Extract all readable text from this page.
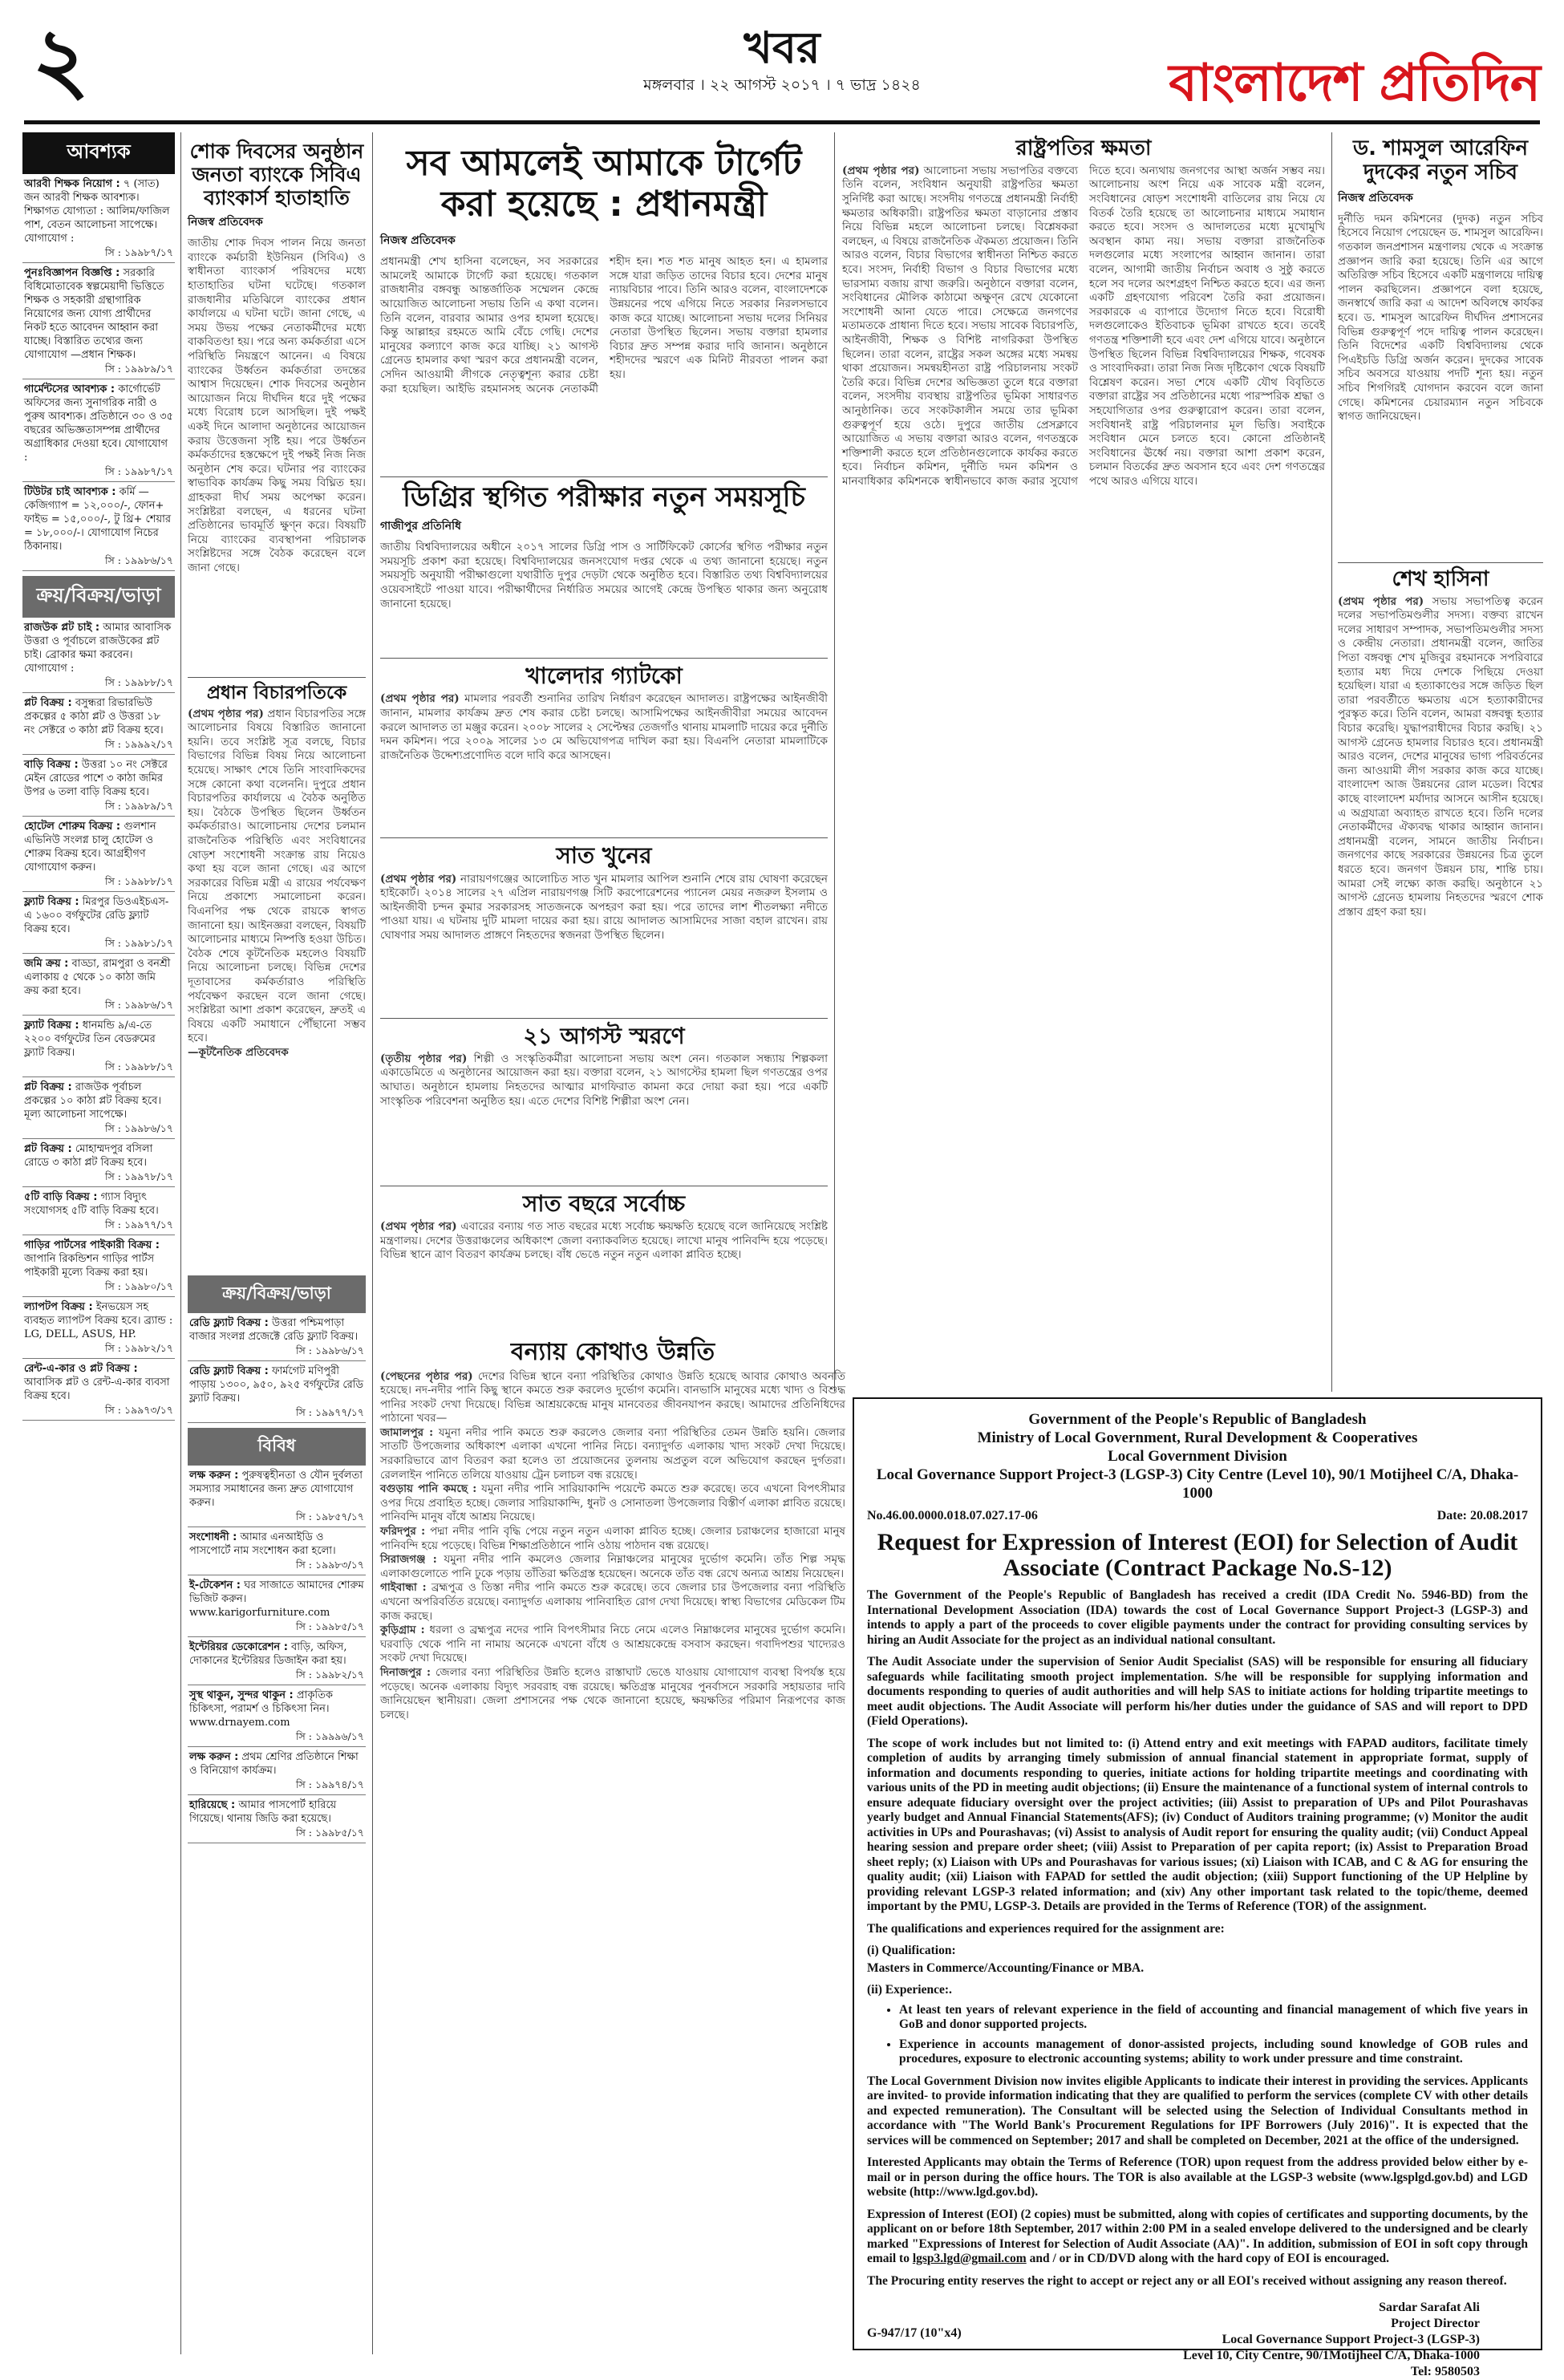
২	খবর
মঙ্গলবার । ২২ আগস্ট ২০১৭ । ৭ ভাদ্র ১৪২৪	বাংলাদেশ প্রতিদিন
আবশ্যক
আরবী শিক্ষক নিয়োগ : ৭ (সাত) জন আরবী শিক্ষক আবশ্যক। শিক্ষাগত যোগ্যতা : আলিম/ফাজিল পাশ, বেতন আলোচনা সাপেক্ষে। যোগাযোগ :
সি : ১৯৯৮৭/১৭
পুনঃবিজ্ঞাপন বিজ্ঞপ্তি : সরকারি বিধিমোতাবেক স্বল্পমেয়াদী ভিত্তিতে শিক্ষক ও সহকারী গ্রন্থাগারিক নিয়োগের জন্য যোগ্য প্রার্থীদের নিকট হতে আবেদন আহ্বান করা যাচ্ছে। বিস্তারিত তথ্যের জন্য যোগাযোগ —প্রধান শিক্ষক।
সি : ১৯৯৮৯/১৭
গার্মেন্টসের আবশ্যক : কার্গোর্ভেট অফিসের জন্য সুনাগরিক নারী ও পুরুষ আবশ্যক। প্রতিষ্ঠানে ৩০ ও ৩৫ বছরের অভিজ্ঞতাসম্পন্ন প্রার্থীদের অগ্রাধিকার দেওয়া হবে। যোগাযোগ :
সি : ১৯৯৮৭/১৭
টিউটর চাই আবশ্যক : কর্মি — কেজিগ্যাপ = ১২,০০০/-, ফোন+ ফাইভ = ১৫,০০০/-, টু থ্রি+ শেয়ার = ১৮,০০০/-। যোগাযোগ নিচের ঠিকানায়।
সি : ১৯৯৮৬/১৭
ক্রয়/বিক্রয়/ভাড়া
রাজউক প্লট চাই : আমার আবাসিক উত্তরা ও পূর্বাচলে রাজউকের প্লট চাই। ব্রোকার ক্ষমা করবেন। যোগাযোগ :
সি : ১৯৯৮৮/১৭
প্লট বিক্রয় : বসুন্ধরা রিভারভিউ প্রকল্পের ৫ কাঠা প্লট ও উত্তরা ১৮ নং সেক্টরে ৩ কাঠা প্লট বিক্রয় হবে।
সি : ১৯৯৯২/১৭
বাড়ি বিক্রয় : উত্তরা ১০ নং সেক্টরে মেইন রোডের পাশে ৩ কাঠা জমির উপর ৬ তলা বাড়ি বিক্রয় হবে।
সি : ১৯৯৮৯/১৭
হোটেল শোরুম বিক্রয় : গুলশান এভিনিউ সংলগ্ন চালু হোটেল ও শোরুম বিক্রয় হবে। আগ্রহীগণ যোগাযোগ করুন।
সি : ১৯৯৮৮/১৭
ফ্ল্যাট বিক্রয় : মিরপুর ডিওএইচএস-এ ১৬০০ বর্গফুটের রেডি ফ্ল্যাট বিক্রয় হবে।
সি : ১৯৯৮১/১৭
জমি ক্রয় : বাড্ডা, রামপুরা ও বনশ্রী এলাকায় ৫ থেকে ১০ কাঠা জমি ক্রয় করা হবে।
সি : ১৯৯৮৬/১৭
ফ্ল্যাট বিক্রয় : ধানমন্ডি ৯/এ-তে ২২০০ বর্গফুটের তিন বেডরুমের ফ্ল্যাট বিক্রয়।
সি : ১৯৯৮৮/১৭
প্লট বিক্রয় : রাজউক পূর্বাচল প্রকল্পের ১০ কাঠা প্লট বিক্রয় হবে। মূল্য আলোচনা সাপেক্ষে।
সি : ১৯৯৮৬/১৭
প্লট বিক্রয় : মোহাম্মদপুর বসিলা রোডে ৩ কাঠা প্লট বিক্রয় হবে।
সি : ১৯৯৭৮/১৭
৫টি বাড়ি বিক্রয় : গ্যাস বিদ্যুৎ সংযোগসহ ৫টি বাড়ি বিক্রয় হবে।
সি : ১৯৯৭৭/১৭
গাড়ির পার্টসের পাইকারী বিক্রয় : জাপানি রিকন্ডিশন গাড়ির পার্টস পাইকারী মূল্যে বিক্রয় করা হয়।
সি : ১৯৯৮০/১৭
ল্যাপটপ বিক্রয় : ইনভয়েস সহ ব্যবহৃত ল্যাপটপ বিক্রয় হবে। ব্র্যান্ড : LG, DELL, ASUS, HP.
সি : ১৯৯৮২/১৭
রেন্ট-এ-কার ও প্লট বিক্রয় : আবাসিক প্লট ও রেন্ট-এ-কার ব্যবসা বিক্রয় হবে।
সি : ১৯৯৭৩/১৭
শোক দিবসের অনুষ্ঠান জনতা ব্যাংকে সিবিএ ব্যাংকার্স হাতাহাতি
নিজস্ব প্রতিবেদক
জাতীয় শোক দিবস পালন নিয়ে জনতা ব্যাংকে কর্মচারী ইউনিয়ন (সিবিএ) ও স্বাধীনতা ব্যাংকার্স পরিষদের মধ্যে হাতাহাতির ঘটনা ঘটেছে। গতকাল রাজধানীর মতিঝিলে ব্যাংকের প্রধান কার্যালয়ে এ ঘটনা ঘটে। জানা গেছে, এ সময় উভয় পক্ষের নেতাকর্মীদের মধ্যে বাকবিতণ্ডা হয়। পরে অন্য কর্মকর্তারা এসে পরিস্থিতি নিয়ন্ত্রণে আনেন। এ বিষয়ে ব্যাংকের উর্ধ্বতন কর্মকর্তারা তদন্তের আশ্বাস দিয়েছেন। শোক দিবসের অনুষ্ঠান আয়োজন নিয়ে দীর্ঘদিন ধরে দুই পক্ষের মধ্যে বিরোধ চলে আসছিল। দুই পক্ষই একই দিনে আলাদা অনুষ্ঠানের আয়োজন করায় উত্তেজনা সৃষ্টি হয়। পরে উর্ধ্বতন কর্মকর্তাদের হস্তক্ষেপে দুই পক্ষই নিজ নিজ অনুষ্ঠান শেষ করে। ঘটনার পর ব্যাংকের স্বাভাবিক কার্যক্রম কিছু সময় বিঘ্নিত হয়। গ্রাহকরা দীর্ঘ সময় অপেক্ষা করেন। সংশ্লিষ্টরা বলছেন, এ ধরনের ঘটনা প্রতিষ্ঠানের ভাবমূর্তি ক্ষুণ্ন করে। বিষয়টি নিয়ে ব্যাংকের ব্যবস্থাপনা পরিচালক সংশ্লিষ্টদের সঙ্গে বৈঠক করেছেন বলে জানা গেছে।
প্রধান বিচারপতিকে
(প্রথম পৃষ্ঠার পর) প্রধান বিচারপতির সঙ্গে আলোচনার বিষয়ে বিস্তারিত জানানো হয়নি। তবে সংশ্লিষ্ট সূত্র বলছে, বিচার বিভাগের বিভিন্ন বিষয় নিয়ে আলোচনা হয়েছে। সাক্ষাৎ শেষে তিনি সাংবাদিকদের সঙ্গে কোনো কথা বলেননি। দুপুরে প্রধান বিচারপতির কার্যালয়ে এ বৈঠক অনুষ্ঠিত হয়। বৈঠকে উপস্থিত ছিলেন উর্ধ্বতন কর্মকর্তারাও। আলোচনায় দেশের চলমান রাজনৈতিক পরিস্থিতি এবং সংবিধানের ষোড়শ সংশোধনী সংক্রান্ত রায় নিয়েও কথা হয় বলে জানা গেছে। এর আগে সরকারের বিভিন্ন মন্ত্রী এ রায়ের পর্যবেক্ষণ নিয়ে প্রকাশ্যে সমালোচনা করেন। বিএনপির পক্ষ থেকে রায়কে স্বাগত জানানো হয়। আইনজ্ঞরা বলছেন, বিষয়টি আলোচনার মাধ্যমে নিষ্পত্তি হওয়া উচিত। বৈঠক শেষে কূটনৈতিক মহলেও বিষয়টি নিয়ে আলোচনা চলছে। বিভিন্ন দেশের দূতাবাসের কর্মকর্তারাও পরিস্থিতি পর্যবেক্ষণ করছেন বলে জানা গেছে। সংশ্লিষ্টরা আশা প্রকাশ করেছেন, দ্রুতই এ বিষয়ে একটি সমাধানে পৌঁছানো সম্ভব হবে।
—কূটনৈতিক প্রতিবেদক
ক্রয়/বিক্রয়/ভাড়া
রেডি ফ্ল্যাট বিক্রয় : উত্তরা পশ্চিমপাড়া বাজার সংলগ্ন প্রজেক্টে রেডি ফ্ল্যাট বিক্রয়।
সি : ১৯৯৮৬/১৭
রেডি ফ্ল্যাট বিক্রয় : ফার্মগেট মণিপুরী পাড়ায় ১৩০০, ৯৫০, ৯২৫ বর্গফুটের রেডি ফ্ল্যাট বিক্রয়।
সি : ১৯৯৭৭/১৭
বিবিধ
লক্ষ করুন : পুরুষত্বহীনতা ও যৌন দুর্বলতা সমস্যার সমাধানের জন্য দ্রুত যোগাযোগ করুন।
সি : ১৯৮৫৭/১৭
সংশোধনী : আমার এনআইডি ও পাসপোর্টে নাম সংশোধন করা হলো।
সি : ১৯৯৮৩/১৭
ই-টেকেশন : ঘর সাজাতে আমাদের শোরুম ভিজিট করুন। www.karigorfurniture.com
সি : ১৯৯৮৫/১৭
ইন্টেরিয়র ডেকোরেশন : বাড়ি, অফিস, দোকানের ইন্টেরিয়র ডিজাইন করা হয়।
সি : ১৯৯৮২/১৭
সুস্থ থাকুন, সুন্দর থাকুন : প্রাকৃতিক চিকিৎসা, পরামর্শ ও চিকিৎসা নিন। www.drnayem.com
সি : ১৯৯৯৬/১৭
লক্ষ করুন : প্রথম শ্রেণির প্রতিষ্ঠানে শিক্ষা ও বিনিয়োগ কার্যক্রম।
সি : ১৯৯৭৪/১৭
হারিয়েছে : আমার পাসপোর্ট হারিয়ে গিয়েছে। থানায় জিডি করা হয়েছে।
সি : ১৯৯৮৫/১৭
সব আমলেই আমাকে টার্গেট করা হয়েছে : প্রধানমন্ত্রী
নিজস্ব প্রতিবেদক
প্রধানমন্ত্রী শেখ হাসিনা বলেছেন, সব সরকারের আমলেই আমাকে টার্গেট করা হয়েছে। গতকাল রাজধানীর বঙ্গবন্ধু আন্তর্জাতিক সম্মেলন কেন্দ্রে আয়োজিত আলোচনা সভায় তিনি এ কথা বলেন। তিনি বলেন, বারবার আমার ওপর হামলা হয়েছে। কিন্তু আল্লাহর রহমতে আমি বেঁচে গেছি। দেশের মানুষের কল্যাণে কাজ করে যাচ্ছি। ২১ আগস্ট গ্রেনেড হামলার কথা স্মরণ করে প্রধানমন্ত্রী বলেন, সেদিন আওয়ামী লীগকে নেতৃত্বশূন্য করার চেষ্টা করা হয়েছিল। আইভি রহমানসহ অনেক নেতাকর্মী শহীদ হন। শত শত মানুষ আহত হন। এ হামলার সঙ্গে যারা জড়িত তাদের বিচার হবে। দেশের মানুষ ন্যায়বিচার পাবে। তিনি আরও বলেন, বাংলাদেশকে উন্নয়নের পথে এগিয়ে নিতে সরকার নিরলসভাবে কাজ করে যাচ্ছে। আলোচনা সভায় দলের সিনিয়র নেতারা উপস্থিত ছিলেন। সভায় বক্তারা হামলার বিচার দ্রুত সম্পন্ন করার দাবি জানান। অনুষ্ঠানে শহীদদের স্মরণে এক মিনিট নীরবতা পালন করা হয়।
ডিগ্রির স্থগিত পরীক্ষার নতুন সময়সূচি
গাজীপুর প্রতিনিধি
জাতীয় বিশ্ববিদ্যালয়ের অধীনে ২০১৭ সালের ডিগ্রি পাস ও সার্টিফিকেট কোর্সের স্থগিত পরীক্ষার নতুন সময়সূচি প্রকাশ করা হয়েছে। বিশ্ববিদ্যালয়ের জনসংযোগ দপ্তর থেকে এ তথ্য জানানো হয়েছে। নতুন সময়সূচি অনুযায়ী পরীক্ষাগুলো যথারীতি দুপুর দেড়টা থেকে অনুষ্ঠিত হবে। বিস্তারিত তথ্য বিশ্ববিদ্যালয়ের ওয়েবসাইটে পাওয়া যাবে। পরীক্ষার্থীদের নির্ধারিত সময়ের আগেই কেন্দ্রে উপস্থিত থাকার জন্য অনুরোধ জানানো হয়েছে।
খালেদার গ্যাটকো
(প্রথম পৃষ্ঠার পর) মামলার পরবর্তী শুনানির তারিখ নির্ধারণ করেছেন আদালত। রাষ্ট্রপক্ষের আইনজীবী জানান, মামলার কার্যক্রম দ্রুত শেষ করার চেষ্টা চলছে। আসামিপক্ষের আইনজীবীরা সময়ের আবেদন করলে আদালত তা মঞ্জুর করেন। ২০০৮ সালের ২ সেপ্টেম্বর তেজগাঁও থানায় মামলাটি দায়ের করে দুর্নীতি দমন কমিশন। পরে ২০০৯ সালের ১৩ মে অভিযোগপত্র দাখিল করা হয়। বিএনপি নেতারা মামলাটিকে রাজনৈতিক উদ্দেশ্যপ্রণোদিত বলে দাবি করে আসছেন।
সাত খুনের
(প্রথম পৃষ্ঠার পর) নারায়ণগঞ্জের আলোচিত সাত খুন মামলার আপিল শুনানি শেষে রায় ঘোষণা করেছেন হাইকোর্ট। ২০১৪ সালের ২৭ এপ্রিল নারায়ণগঞ্জ সিটি করপোরেশনের প্যানেল মেয়র নজরুল ইসলাম ও আইনজীবী চন্দন কুমার সরকারসহ সাতজনকে অপহরণ করা হয়। পরে তাদের লাশ শীতলক্ষ্যা নদীতে পাওয়া যায়। এ ঘটনায় দুটি মামলা দায়ের করা হয়। রায়ে আদালত আসামিদের সাজা বহাল রাখেন। রায় ঘোষণার সময় আদালত প্রাঙ্গণে নিহতদের স্বজনরা উপস্থিত ছিলেন।
২১ আগস্ট স্মরণে
(তৃতীয় পৃষ্ঠার পর) শিল্পী ও সংস্কৃতিকর্মীরা আলোচনা সভায় অংশ নেন। গতকাল সন্ধ্যায় শিল্পকলা একাডেমিতে এ অনুষ্ঠানের আয়োজন করা হয়। বক্তারা বলেন, ২১ আগস্টের হামলা ছিল গণতন্ত্রের ওপর আঘাত। অনুষ্ঠানে হামলায় নিহতদের আত্মার মাগফিরাত কামনা করে দোয়া করা হয়। পরে একটি সাংস্কৃতিক পরিবেশনা অনুষ্ঠিত হয়। এতে দেশের বিশিষ্ট শিল্পীরা অংশ নেন।
সাত বছরে সর্বোচ্চ
(প্রথম পৃষ্ঠার পর) এবারের বন্যায় গত সাত বছরের মধ্যে সর্বোচ্চ ক্ষয়ক্ষতি হয়েছে বলে জানিয়েছে সংশ্লিষ্ট মন্ত্রণালয়। দেশের উত্তরাঞ্চলের অধিকাংশ জেলা বন্যাকবলিত হয়েছে। লাখো মানুষ পানিবন্দি হয়ে পড়েছে। বিভিন্ন স্থানে ত্রাণ বিতরণ কার্যক্রম চলছে। বাঁধ ভেঙে নতুন নতুন এলাকা প্লাবিত হচ্ছে।
বন্যায় কোথাও উন্নতি
(পেছনের পৃষ্ঠার পর) দেশের বিভিন্ন স্থানে বন্যা পরিস্থিতির কোথাও উন্নতি হয়েছে আবার কোথাও অবনতি হয়েছে। নদ-নদীর পানি কিছু স্থানে কমতে শুরু করলেও দুর্ভোগ কমেনি। বানভাসি মানুষের মধ্যে খাদ্য ও বিশুদ্ধ পানির সংকট দেখা দিয়েছে। বিভিন্ন আশ্রয়কেন্দ্রে মানুষ মানবেতর জীবনযাপন করছে। আমাদের প্রতিনিধিদের পাঠানো খবর—
জামালপুর : যমুনা নদীর পানি কমতে শুরু করলেও জেলার বন্যা পরিস্থিতির তেমন উন্নতি হয়নি। জেলার সাতটি উপজেলার অধিকাংশ এলাকা এখনো পানির নিচে। বন্যাদুর্গত এলাকায় খাদ্য সংকট দেখা দিয়েছে। সরকারিভাবে ত্রাণ বিতরণ করা হলেও তা প্রয়োজনের তুলনায় অপ্রতুল বলে অভিযোগ করছেন দুর্গতরা। রেললাইন পানিতে তলিয়ে যাওয়ায় ট্রেন চলাচল বন্ধ রয়েছে।
বগুড়ায় পানি কমছে : যমুনা নদীর পানি সারিয়াকান্দি পয়েন্টে কমতে শুরু করেছে। তবে এখনো বিপৎসীমার ওপর দিয়ে প্রবাহিত হচ্ছে। জেলার সারিয়াকান্দি, ধুনট ও সোনাতলা উপজেলার বিস্তীর্ণ এলাকা প্লাবিত রয়েছে। পানিবন্দি মানুষ বাঁধে আশ্রয় নিয়েছে।
ফরিদপুর : পদ্মা নদীর পানি বৃদ্ধি পেয়ে নতুন নতুন এলাকা প্লাবিত হচ্ছে। জেলার চরাঞ্চলের হাজারো মানুষ পানিবন্দি হয়ে পড়েছে। বিভিন্ন শিক্ষাপ্রতিষ্ঠানে পানি ওঠায় পাঠদান বন্ধ রয়েছে।
সিরাজগঞ্জ : যমুনা নদীর পানি কমলেও জেলার নিম্নাঞ্চলের মানুষের দুর্ভোগ কমেনি। তাঁত শিল্প সমৃদ্ধ এলাকাগুলোতে পানি ঢুকে পড়ায় তাঁতিরা ক্ষতিগ্রস্ত হয়েছেন। অনেকে তাঁত বন্ধ রেখে অন্যত্র আশ্রয় নিয়েছেন।
গাইবান্ধা : ব্রহ্মপুত্র ও তিস্তা নদীর পানি কমতে শুরু করেছে। তবে জেলার চার উপজেলার বন্যা পরিস্থিতি এখনো অপরিবর্তিত রয়েছে। বন্যাদুর্গত এলাকায় পানিবাহিত রোগ দেখা দিয়েছে। স্বাস্থ্য বিভাগের মেডিকেল টিম কাজ করছে।
কুড়িগ্রাম : ধরলা ও ব্রহ্মপুত্র নদের পানি বিপৎসীমার নিচে নেমে এলেও নিম্নাঞ্চলের মানুষের দুর্ভোগ কমেনি। ঘরবাড়ি থেকে পানি না নামায় অনেকে এখনো বাঁধে ও আশ্রয়কেন্দ্রে বসবাস করছেন। গবাদিপশুর খাদ্যেরও সংকট দেখা দিয়েছে।
দিনাজপুর : জেলার বন্যা পরিস্থিতির উন্নতি হলেও রাস্তাঘাট ভেঙে যাওয়ায় যোগাযোগ ব্যবস্থা বিপর্যস্ত হয়ে পড়েছে। অনেক এলাকায় বিদ্যুৎ সরবরাহ বন্ধ রয়েছে। ক্ষতিগ্রস্ত মানুষের পুনর্বাসনে সরকারি সহায়তার দাবি জানিয়েছেন স্থানীয়রা। জেলা প্রশাসনের পক্ষ থেকে জানানো হয়েছে, ক্ষয়ক্ষতির পরিমাণ নিরূপণের কাজ চলছে।
রাষ্ট্রপতির ক্ষমতা
(প্রথম পৃষ্ঠার পর) আলোচনা সভায় সভাপতির বক্তব্যে তিনি বলেন, সংবিধান অনুযায়ী রাষ্ট্রপতির ক্ষমতা সুনির্দিষ্ট করা আছে। সংসদীয় গণতন্ত্রে প্রধানমন্ত্রী নির্বাহী ক্ষমতার অধিকারী। রাষ্ট্রপতির ক্ষমতা বাড়ানোর প্রস্তাব নিয়ে বিভিন্ন মহলে আলোচনা চলছে। বিশ্লেষকরা বলছেন, এ বিষয়ে রাজনৈতিক ঐকমত্য প্রয়োজন। তিনি আরও বলেন, বিচার বিভাগের স্বাধীনতা নিশ্চিত করতে হবে। সংসদ, নির্বাহী বিভাগ ও বিচার বিভাগের মধ্যে ভারসাম্য বজায় রাখা জরুরি। অনুষ্ঠানে বক্তারা বলেন, সংবিধানের মৌলিক কাঠামো অক্ষুণ্ন রেখে যেকোনো সংশোধনী আনা যেতে পারে। সেক্ষেত্রে জনগণের মতামতকে প্রাধান্য দিতে হবে। সভায় সাবেক বিচারপতি, আইনজীবী, শিক্ষক ও বিশিষ্ট নাগরিকরা উপস্থিত ছিলেন। তারা বলেন, রাষ্ট্রের সকল অঙ্গের মধ্যে সমন্বয় থাকা প্রয়োজন। সমন্বয়হীনতা রাষ্ট্র পরিচালনায় সংকট তৈরি করে। বিভিন্ন দেশের অভিজ্ঞতা তুলে ধরে বক্তারা বলেন, সংসদীয় ব্যবস্থায় রাষ্ট্রপতির ভূমিকা সাধারণত আনুষ্ঠানিক। তবে সংকটকালীন সময়ে তার ভূমিকা গুরুত্বপূর্ণ হয়ে ওঠে। দুপুরে জাতীয় প্রেসক্লাবে আয়োজিত এ সভায় বক্তারা আরও বলেন, গণতন্ত্রকে শক্তিশালী করতে হলে প্রতিষ্ঠানগুলোকে কার্যকর করতে হবে। নির্বাচন কমিশন, দুর্নীতি দমন কমিশন ও মানবাধিকার কমিশনকে স্বাধীনভাবে কাজ করার সুযোগ দিতে হবে। অন্যথায় জনগণের আস্থা অর্জন সম্ভব নয়। আলোচনায় অংশ নিয়ে এক সাবেক মন্ত্রী বলেন, সংবিধানের ষোড়শ সংশোধনী বাতিলের রায় নিয়ে যে বিতর্ক তৈরি হয়েছে তা আলোচনার মাধ্যমে সমাধান করতে হবে। সংসদ ও আদালতের মধ্যে মুখোমুখি অবস্থান কাম্য নয়। সভায় বক্তারা রাজনৈতিক দলগুলোর মধ্যে সংলাপের আহ্বান জানান। তারা বলেন, আগামী জাতীয় নির্বাচন অবাধ ও সুষ্ঠু করতে হলে সব দলের অংশগ্রহণ নিশ্চিত করতে হবে। এর জন্য একটি গ্রহণযোগ্য পরিবেশ তৈরি করা প্রয়োজন। সরকারকে এ ব্যাপারে উদ্যোগ নিতে হবে। বিরোধী দলগুলোকেও ইতিবাচক ভূমিকা রাখতে হবে। তবেই গণতন্ত্র শক্তিশালী হবে এবং দেশ এগিয়ে যাবে। অনুষ্ঠানে উপস্থিত ছিলেন বিভিন্ন বিশ্ববিদ্যালয়ের শিক্ষক, গবেষক ও সাংবাদিকরা। তারা নিজ নিজ দৃষ্টিকোণ থেকে বিষয়টি বিশ্লেষণ করেন। সভা শেষে একটি যৌথ বিবৃতিতে বক্তারা রাষ্ট্রের সব প্রতিষ্ঠানের মধ্যে পারস্পরিক শ্রদ্ধা ও সহযোগিতার ওপর গুরুত্বারোপ করেন। তারা বলেন, সংবিধানই রাষ্ট্র পরিচালনার মূল ভিত্তি। সবাইকে সংবিধান মেনে চলতে হবে। কোনো প্রতিষ্ঠানই সংবিধানের ঊর্ধ্বে নয়। বক্তারা আশা প্রকাশ করেন, চলমান বিতর্কের দ্রুত অবসান হবে এবং দেশ গণতন্ত্রের পথে আরও এগিয়ে যাবে।
ড. শামসুল আরেফিন দুদকের নতুন সচিব
নিজস্ব প্রতিবেদক
দুর্নীতি দমন কমিশনের (দুদক) নতুন সচিব হিসেবে নিয়োগ পেয়েছেন ড. শামসুল আরেফিন। গতকাল জনপ্রশাসন মন্ত্রণালয় থেকে এ সংক্রান্ত প্রজ্ঞাপন জারি করা হয়েছে। তিনি এর আগে অতিরিক্ত সচিব হিসেবে একটি মন্ত্রণালয়ে দায়িত্ব পালন করছিলেন। প্রজ্ঞাপনে বলা হয়েছে, জনস্বার্থে জারি করা এ আদেশ অবিলম্বে কার্যকর হবে। ড. শামসুল আরেফিন দীর্ঘদিন প্রশাসনের বিভিন্ন গুরুত্বপূর্ণ পদে দায়িত্ব পালন করেছেন। তিনি বিদেশের একটি বিশ্ববিদ্যালয় থেকে পিএইচডি ডিগ্রি অর্জন করেন। দুদকের সাবেক সচিব অবসরে যাওয়ায় পদটি শূন্য হয়। নতুন সচিব শিগগিরই যোগদান করবেন বলে জানা গেছে। কমিশনের চেয়ারম্যান নতুন সচিবকে স্বাগত জানিয়েছেন।
শেখ হাসিনা
(প্রথম পৃষ্ঠার পর) সভায় সভাপতিত্ব করেন দলের সভাপতিমণ্ডলীর সদস্য। বক্তব্য রাখেন দলের সাধারণ সম্পাদক, সভাপতিমণ্ডলীর সদস্য ও কেন্দ্রীয় নেতারা। প্রধানমন্ত্রী বলেন, জাতির পিতা বঙ্গবন্ধু শেখ মুজিবুর রহমানকে সপরিবারে হত্যার মধ্য দিয়ে দেশকে পিছিয়ে দেওয়া হয়েছিল। যারা এ হত্যাকাণ্ডের সঙ্গে জড়িত ছিল তারা পরবর্তীতে ক্ষমতায় এসে হত্যাকারীদের পুরস্কৃত করে। তিনি বলেন, আমরা বঙ্গবন্ধু হত্যার বিচার করেছি। যুদ্ধাপরাধীদের বিচার করছি। ২১ আগস্ট গ্রেনেড হামলার বিচারও হবে। প্রধানমন্ত্রী আরও বলেন, দেশের মানুষের ভাগ্য পরিবর্তনের জন্য আওয়ামী লীগ সরকার কাজ করে যাচ্ছে। বাংলাদেশ আজ উন্নয়নের রোল মডেল। বিশ্বের কাছে বাংলাদেশ মর্যাদার আসনে আসীন হয়েছে। এ অগ্রযাত্রা অব্যাহত রাখতে হবে। তিনি দলের নেতাকর্মীদের ঐক্যবদ্ধ থাকার আহ্বান জানান। প্রধানমন্ত্রী বলেন, সামনে জাতীয় নির্বাচন। জনগণের কাছে সরকারের উন্নয়নের চিত্র তুলে ধরতে হবে। জনগণ উন্নয়ন চায়, শান্তি চায়। আমরা সেই লক্ষ্যে কাজ করছি। অনুষ্ঠানে ২১ আগস্ট গ্রেনেড হামলায় নিহতদের স্মরণে শোক প্রস্তাব গ্রহণ করা হয়।
Government of the People's Republic of Bangladesh
Ministry of Local Government, Rural Development & Cooperatives
Local Government Division
Local Governance Support Project-3 (LGSP-3) City Centre (Level 10), 90/1 Motijheel C/A, Dhaka-1000
No.46.00.0000.018.07.027.17-06	Date: 20.08.2017
Request for Expression of Interest (EOI) for Selection of Audit Associate (Contract Package No.S-12)
The Government of the People's Republic of Bangladesh has received a credit (IDA Credit No. 5946-BD) from the International Development Association (IDA) towards the cost of Local Governance Support Project-3 (LGSP-3) and intends to apply a part of the proceeds to cover eligible payments under the contract for providing consulting services by hiring an Audit Associate for the project as an individual national consultant.
The Audit Associate under the supervision of Senior Audit Specialist (SAS) will be responsible for ensuring all fiduciary safeguards while facilitating smooth project implementation. S/he will be responsible for supplying information and documents responding to queries of audit authorities and will help SAS to initiate actions for holding tripartite meetings to meet audit objections. The Audit Associate will perform his/her duties under the guidance of SAS and will report to DPD (Field Operations).
The scope of work includes but not limited to: (i) Attend entry and exit meetings with FAPAD auditors, facilitate timely completion of audits by arranging timely submission of annual financial statement in appropriate format, supply of information and documents responding to queries, initiate actions for holding tripartite meetings and coordinating with various units of the PD in meeting audit objections; (ii) Ensure the maintenance of a functional system of internal controls to ensure adequate fiduciary oversight over the project activities; (iii) Assist to preparation of UPs and Pilot Pourashavas yearly budget and Annual Financial Statements(AFS); (iv) Conduct of Auditors training programme; (v) Monitor the audit activities in UPs and Pourashavas; (vi) Assist to analysis of Audit report for ensuring the quality audit; (vii) Conduct Appeal hearing session and prepare order sheet; (viii) Assist to Preparation of per capita report; (ix) Assist to Preparation Broad sheet reply; (x) Liaison with UPs and Pourashavas for various issues; (xi) Liaison with ICAB, and C & AG for ensuring the quality audit; (xii) Liaison with FAPAD for settled the audit objection; (xiii) Support functioning of the UP Helpline by providing relevant LGSP-3 related information; and (xiv) Any other important task related to the topic/theme, deemed important by the PMU, LGSP-3. Details are provided in the Terms of Reference (TOR) of the assignment.
The qualifications and experiences required for the assignment are:
(i) Qualification:
Masters in Commerce/Accounting/Finance or MBA.
(ii) Experience:.
• At least ten years of relevant experience in the field of accounting and financial management of which five years in GoB and donor supported projects.
• Experience in accounts management of donor-assisted projects, including sound knowledge of GOB rules and procedures, exposure to electronic accounting systems; ability to work under pressure and time constraint.
The Local Government Division now invites eligible Applicants to indicate their interest in providing the services. Applicants are invited- to provide information indicating that they are qualified to perform the services (complete CV with other details and expected remuneration). The Consultant will be selected using the Selection of Individual Consultants method in accordance with "The World Bank's Procurement Regulations for IPF Borrowers (July 2016)". It is expected that the services will be commenced on September; 2017 and shall be completed on December, 2021 at the office of the undersigned.
Interested Applicants may obtain the Terms of Reference (TOR) upon request from the address provided below either by e-mail or in person during the office hours. The TOR is also available at the LGSP-3 website (www.lgsplgd.gov.bd) and LGD website (http://www.lgd.gov.bd).
Expression of Interest (EOI) (2 copies) must be submitted, along with copies of certificates and supporting documents, by the applicant on or before 18th September, 2017 within 2:00 PM in a sealed envelope delivered to the undersigned and be clearly marked "Expressions of Interest for Selection of Audit Associate (AA)". In addition, submission of EOI in soft copy through email to lgsp3.lgd@gmail.com and / or in CD/DVD along with the hard copy of EOI is encouraged.
The Procuring entity reserves the right to accept or reject any or all EOI's received without assigning any reason thereof.
Sardar Sarafat Ali
Project Director
Local Governance Support Project-3 (LGSP-3)
Level 10, City Centre, 90/1Motijheel C/A, Dhaka-1000
Tel: 9580503
G-947/17 (10"x4)
